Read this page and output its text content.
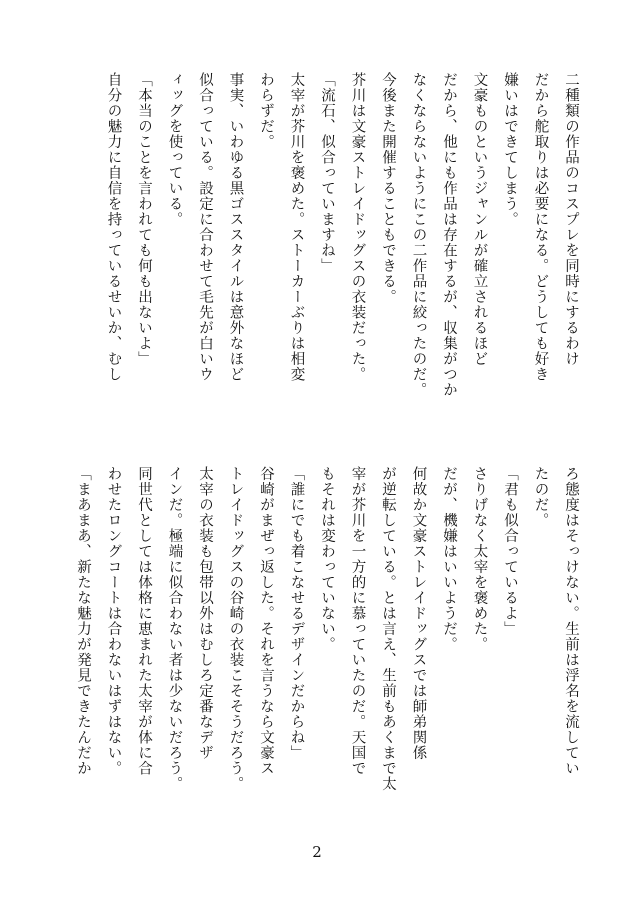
二種類の作品のコスプレを同時にするわけ
だから舵取りは必要になる。どうしても好き
嫌いはできてしまう。
文豪ものというジャンルが確立されるほど
だから、他にも作品は存在するが、収集がつか
なくならないようにこの二作品に絞ったのだ。
今後また開催することもできる。
芥川は文豪ストレイドッグスの衣装だった。
「流石、似合っていますね」
太宰が芥川を褒めた。ストーカーぶりは相変
わらずだ。
事実、いわゆる黒ゴススタイルは意外なほど
似合っている。設定に合わせて毛先が白いウ
ィッグを使っている。
「本当のことを言われても何も出ないよ」
自分の魅力に自信を持っているせいか、むし
ろ態度はそっけない。生前は浮名を流してい
たのだ。
「君も似合っているよ」
さりげなく太宰を褒めた。
だが、機嫌はいいようだ。
何故か文豪ストレイドッグスでは師弟関係
が逆転している。とは言え、生前もあくまで太
宰が芥川を一方的に慕っていたのだ。天国で
もそれは変わっていない。
「誰にでも着こなせるデザインだからね」
谷崎がまぜっ返した。それを言うなら文豪ス
トレイドッグスの谷崎の衣装こそそうだろう。
太宰の衣装も包帯以外はむしろ定番なデザ
インだ。極端に似合わない者は少ないだろう。
同世代としては体格に恵まれた太宰が体に合
わせたロングコートは合わないはずはない。
「まあまあ、新たな魅力が発見できたんだか
2
